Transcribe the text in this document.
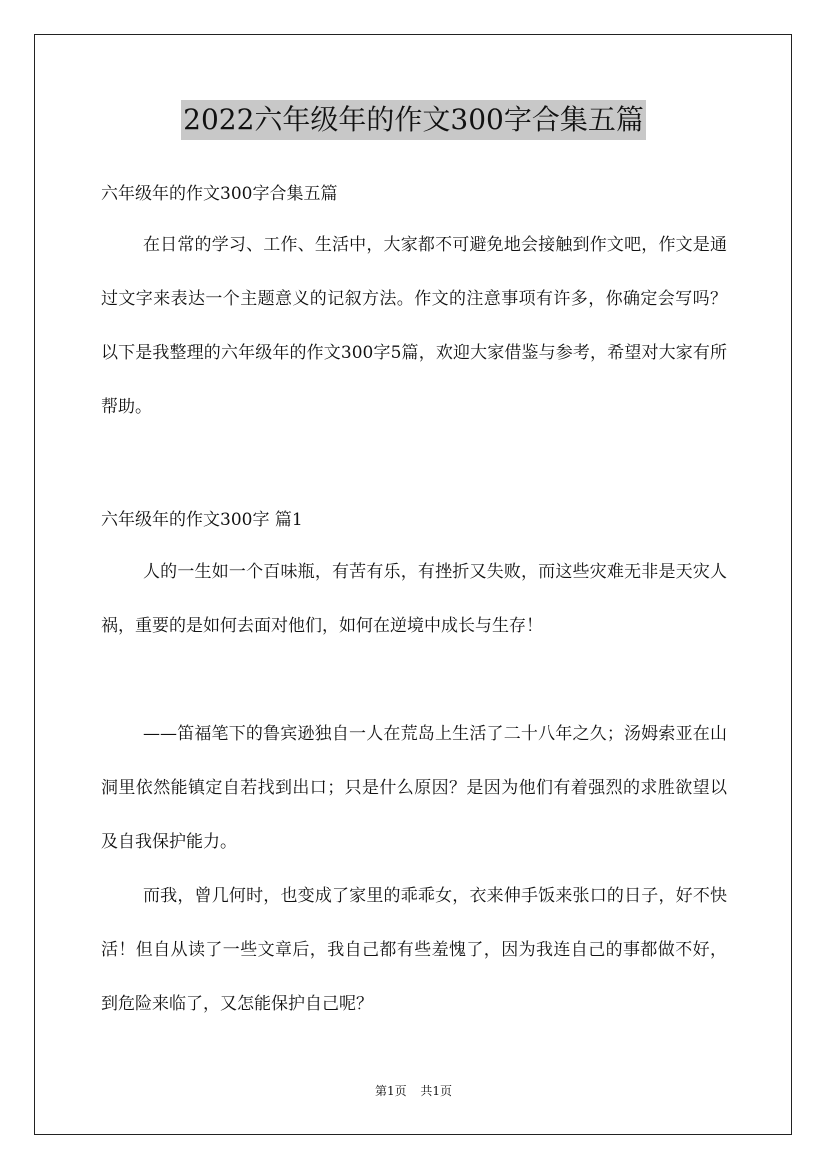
2022六年级年的作文300字合集五篇
六年级年的作文300字合集五篇

在日常的学习、工作、生活中，大家都不可避免地会接触到作文吧，作文是通过文字来表达一个主题意义的记叙方法。作文的注意事项有许多，你确定会写吗？以下是我整理的六年级年的作文300字5篇，欢迎大家借鉴与参考，希望对大家有所帮助。

六年级年的作文300字 篇1

人的一生如一个百味瓶，有苦有乐，有挫折又失败，而这些灾难无非是天灾人祸，重要的是如何去面对他们，如何在逆境中成长与生存！

——笛福笔下的鲁宾逊独自一人在荒岛上生活了二十八年之久；汤姆索亚在山洞里依然能镇定自若找到出口；只是什么原因？是因为他们有着强烈的求胜欲望以及自我保护能力。

而我，曾几何时，也变成了家里的乖乖女，衣来伸手饭来张口的日子，好不快活！但自从读了一些文章后，我自己都有些羞愧了，因为我连自己的事都做不好，到危险来临了，又怎能保护自己呢？

第1页 共1页
